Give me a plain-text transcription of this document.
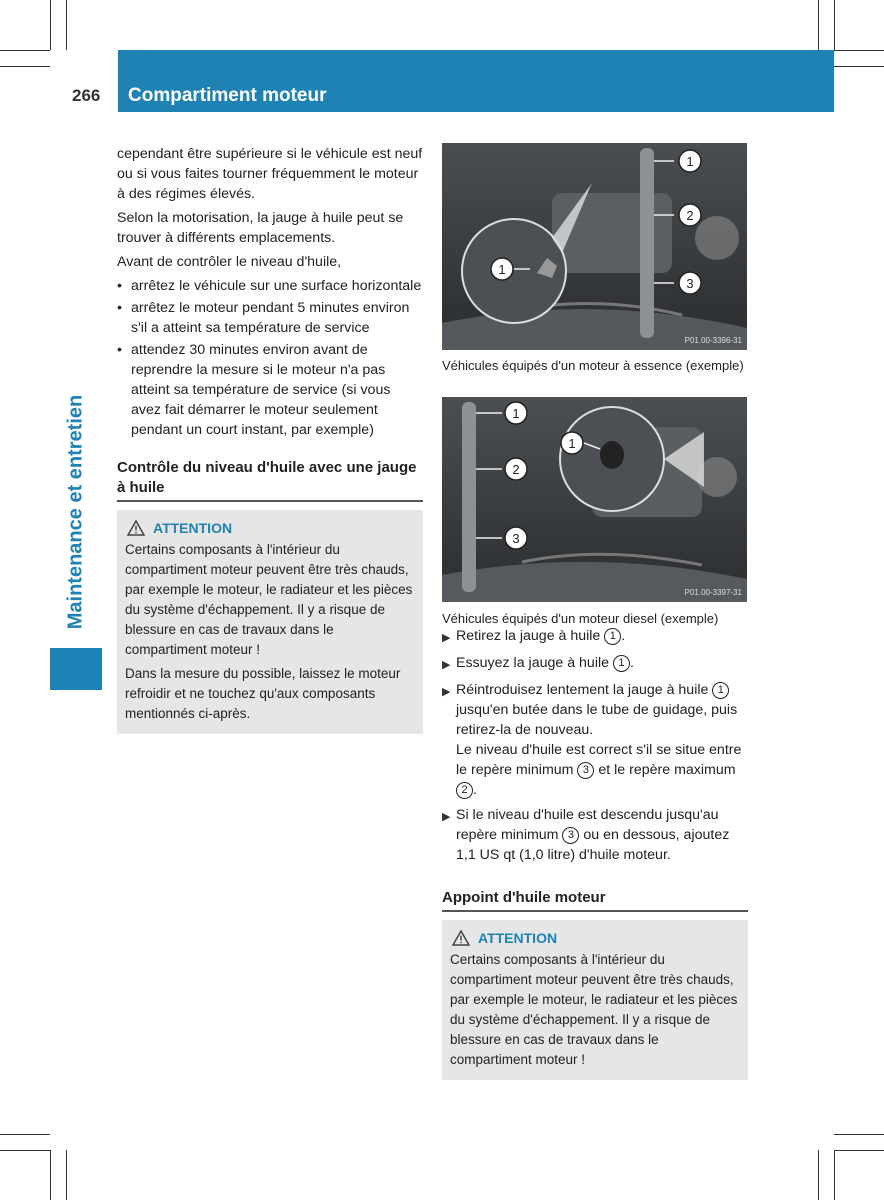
266 Compartiment moteur
Maintenance et entretien

cependant être supérieure si le véhicule est neuf ou si vous faites tourner fréquemment le moteur à des régimes élevés.

Selon la motorisation, la jauge à huile peut se trouver à différents emplacements.

Avant de contrôler le niveau d'huile,

• arrêtez le véhicule sur une surface horizontale
• arrêtez le moteur pendant 5 minutes environ s'il a atteint sa température de service
• attendez 30 minutes environ avant de reprendre la mesure si le moteur n'a pas atteint sa température de service (si vous avez fait démarrer le moteur seulement pendant un court instant, par exemple)
Contrôle du niveau d'huile avec une jauge à huile
ATTENTION

Certains composants à l'intérieur du compartiment moteur peuvent être très chauds, par exemple le moteur, le radiateur et les pièces du système d'échappement. Il y a risque de blessure en cas de travaux dans le compartiment moteur !

Dans la mesure du possible, laissez le moteur refroidir et ne touchez qu'aux composants mentionnés ci-après.

1
2
3
1
P01.00-3396-31
Véhicules équipés d'un moteur à essence (exemple)
1
2
3
1
P01.00-3397-31
Véhicules équipés d'un moteur diesel (exemple)
▶ Retirez la jauge à huile 1 .
▶ Essuyez la jauge à huile 1 .
▶ Réintroduisez lentement la jauge à huile 1 jusqu'en butée dans le tube de guidage, puis retirez-la de nouveau.
Le niveau d'huile est correct s'il se situe entre le repère minimum 3 et le repère maximum 2 .
▶ Si le niveau d'huile est descendu jusqu'au repère minimum 3 ou en dessous, ajoutez 1,1 US qt (1,0 litre) d'huile moteur.
Appoint d'huile moteur
ATTENTION

Certains composants à l'intérieur du compartiment moteur peuvent être très chauds, par exemple le moteur, le radiateur et les pièces du système d'échappement. Il y a risque de blessure en cas de travaux dans le compartiment moteur !
